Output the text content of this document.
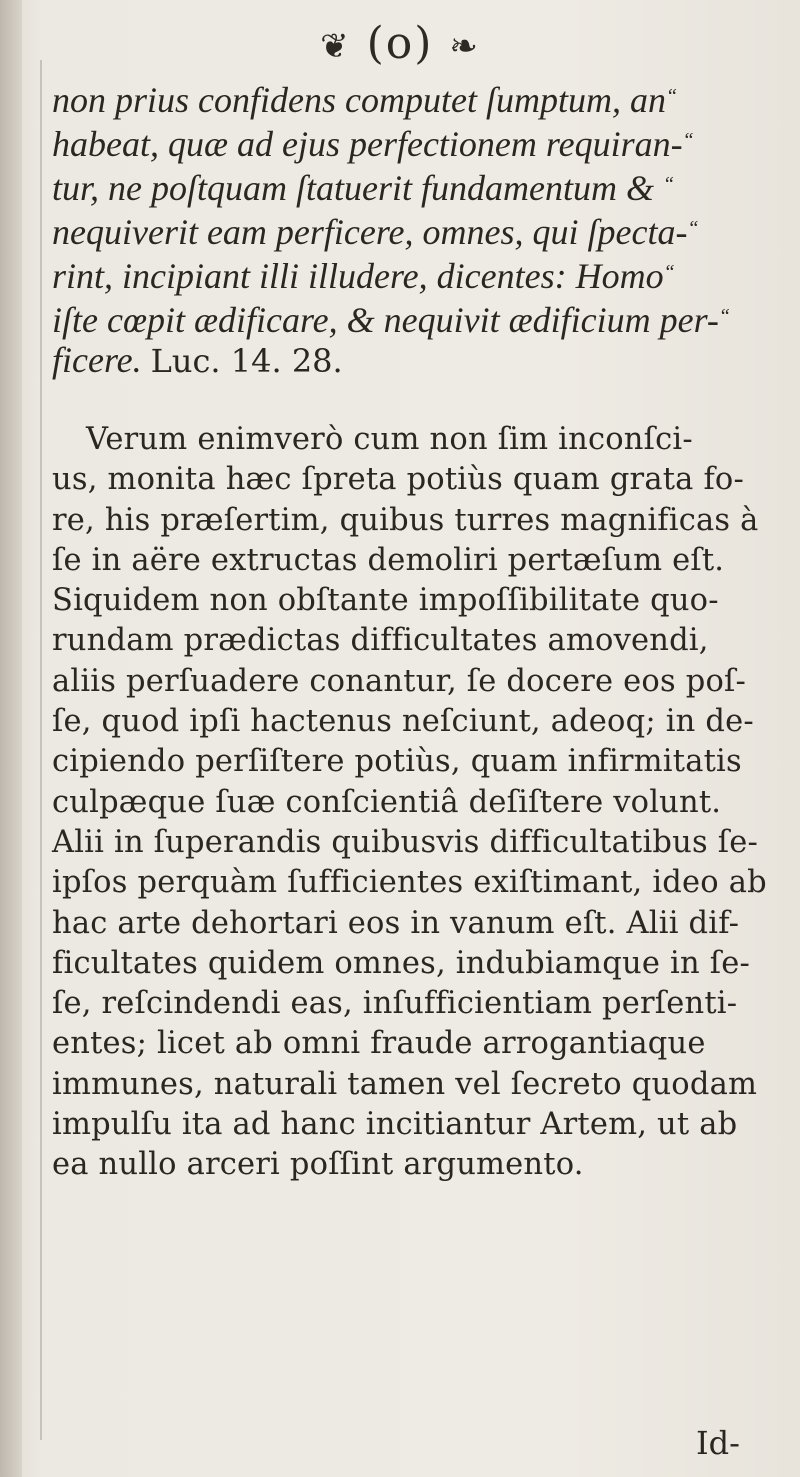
❦ (o) ❧
non prius confidens computet ſumptum, an“
habeat, quæ ad ejus perfectionem requiran-“
tur, ne poſtquam ſtatuerit fundamentum & “
nequiverit eam perficere, omnes, qui ſpecta-“
rint, incipiant illi illudere, dicentes: Homo“
iſte cœpit ædificare, & nequivit ædificium per-“
ficere. Luc. 14. 28.
Verum enimverò cum non ſim inconſci-
us, monita hæc ſpreta potiùs quam grata fo-
re, his præſertim, quibus turres magnificas à
ſe in aëre extructas demoliri pertæſum eſt.
Siquidem non obſtante impoſſibilitate quo-
rundam prædictas difficultates amovendi,
aliis perſuadere conantur, ſe docere eos poſ-
ſe, quod ipſi hactenus neſciunt, adeoq; in de-
cipiendo perſiſtere potiùs, quam infirmitatis
culpæque ſuæ conſcientiâ deſiſtere volunt.
Alii in ſuperandis quibusvis difficultatibus ſe-
ipſos perquàm ſufficientes exiſtimant, ideo ab
hac arte dehortari eos in vanum eſt. Alii dif-
ficultates quidem omnes, indubiamque in ſe-
ſe, reſcindendi eas, inſufficientiam perſenti-
entes; licet ab omni fraude arrogantiaque
immunes, naturali tamen vel ſecreto quodam
impulſu ita ad hanc incitiantur Artem, ut ab
ea nullo arceri poſſint argumento.
Id-
